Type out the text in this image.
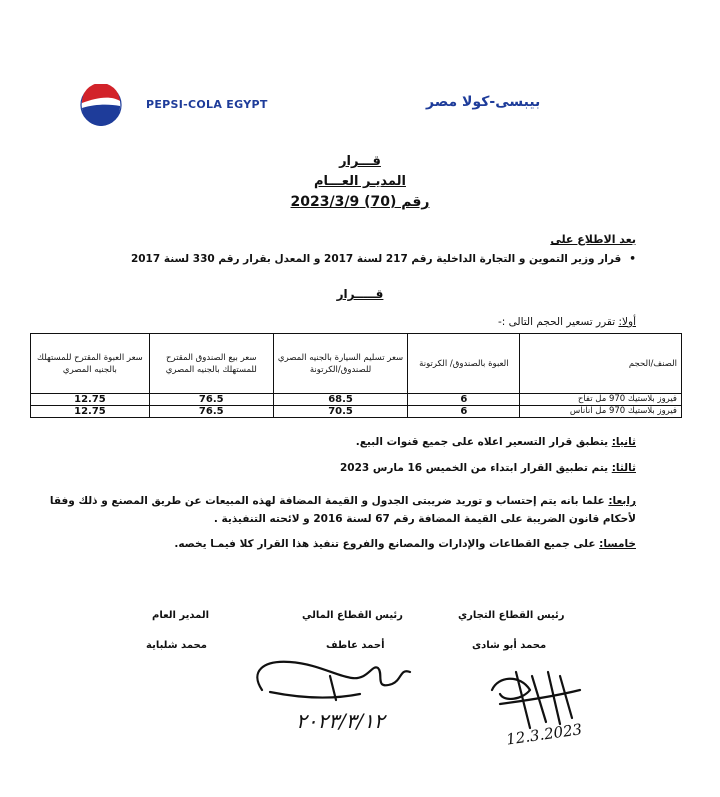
PEPSI-COLA EGYPT	بيبسى-كولا مصر
قـــرار
المديـر العـــام
رقم (70) 2023/3/9
بعد الاطلاع على
•قرار وزير التموين و التجارة الداخلية رقم 217 لسنة 2017 و المعدل بقرار رقم 330 لسنة 2017
قـــــرار
أولا: تقرر تسعير الحجم التالى :-
الصنف/الحجم	العبوة بالصندوق/ الكرتونة	سعر تسليم السيارة بالجنيه المصري للصندوق/الكرتونة	سعر بيع الصندوق المقترح للمستهلك بالجنيه المصري	سعر العبوة المقترح للمستهلك بالجنيه المصري
فيروز بلاستيك 970 مل تفاح	6	68.5	76.5	12.75
فيروز بلاستيك 970 مل اناناس	6	70.5	76.5	12.75
ثانيا: يتطبق قرار التسعير اعلاه على جميع قنوات البيع.
ثالثا: يتم تطبيق القرار ابتداء من الخميس 16 مارس 2023
رابعا: علما بانه يتم إحتساب و توريد ضريبتى الجدول و القيمة المضافة لهذه المبيعات عن طريق المصنع و ذلك وفقا لأحكام قانون الضريبة على القيمة المضافة رقم 67 لسنة 2016 و لائحته التنفيذية .
خامسا: على جميع القطاعات والإدارات والمصانع والفروع تنفيذ هذا القرار كلا فيمـا يخصه.
رئيس القطاع التجاري
رئيس القطاع المالي
المدير العام
محمد أبو شادى
أحمد عاطف
محمد شلباية
٢٠٢٣/٣/١٢	12.3.2023
